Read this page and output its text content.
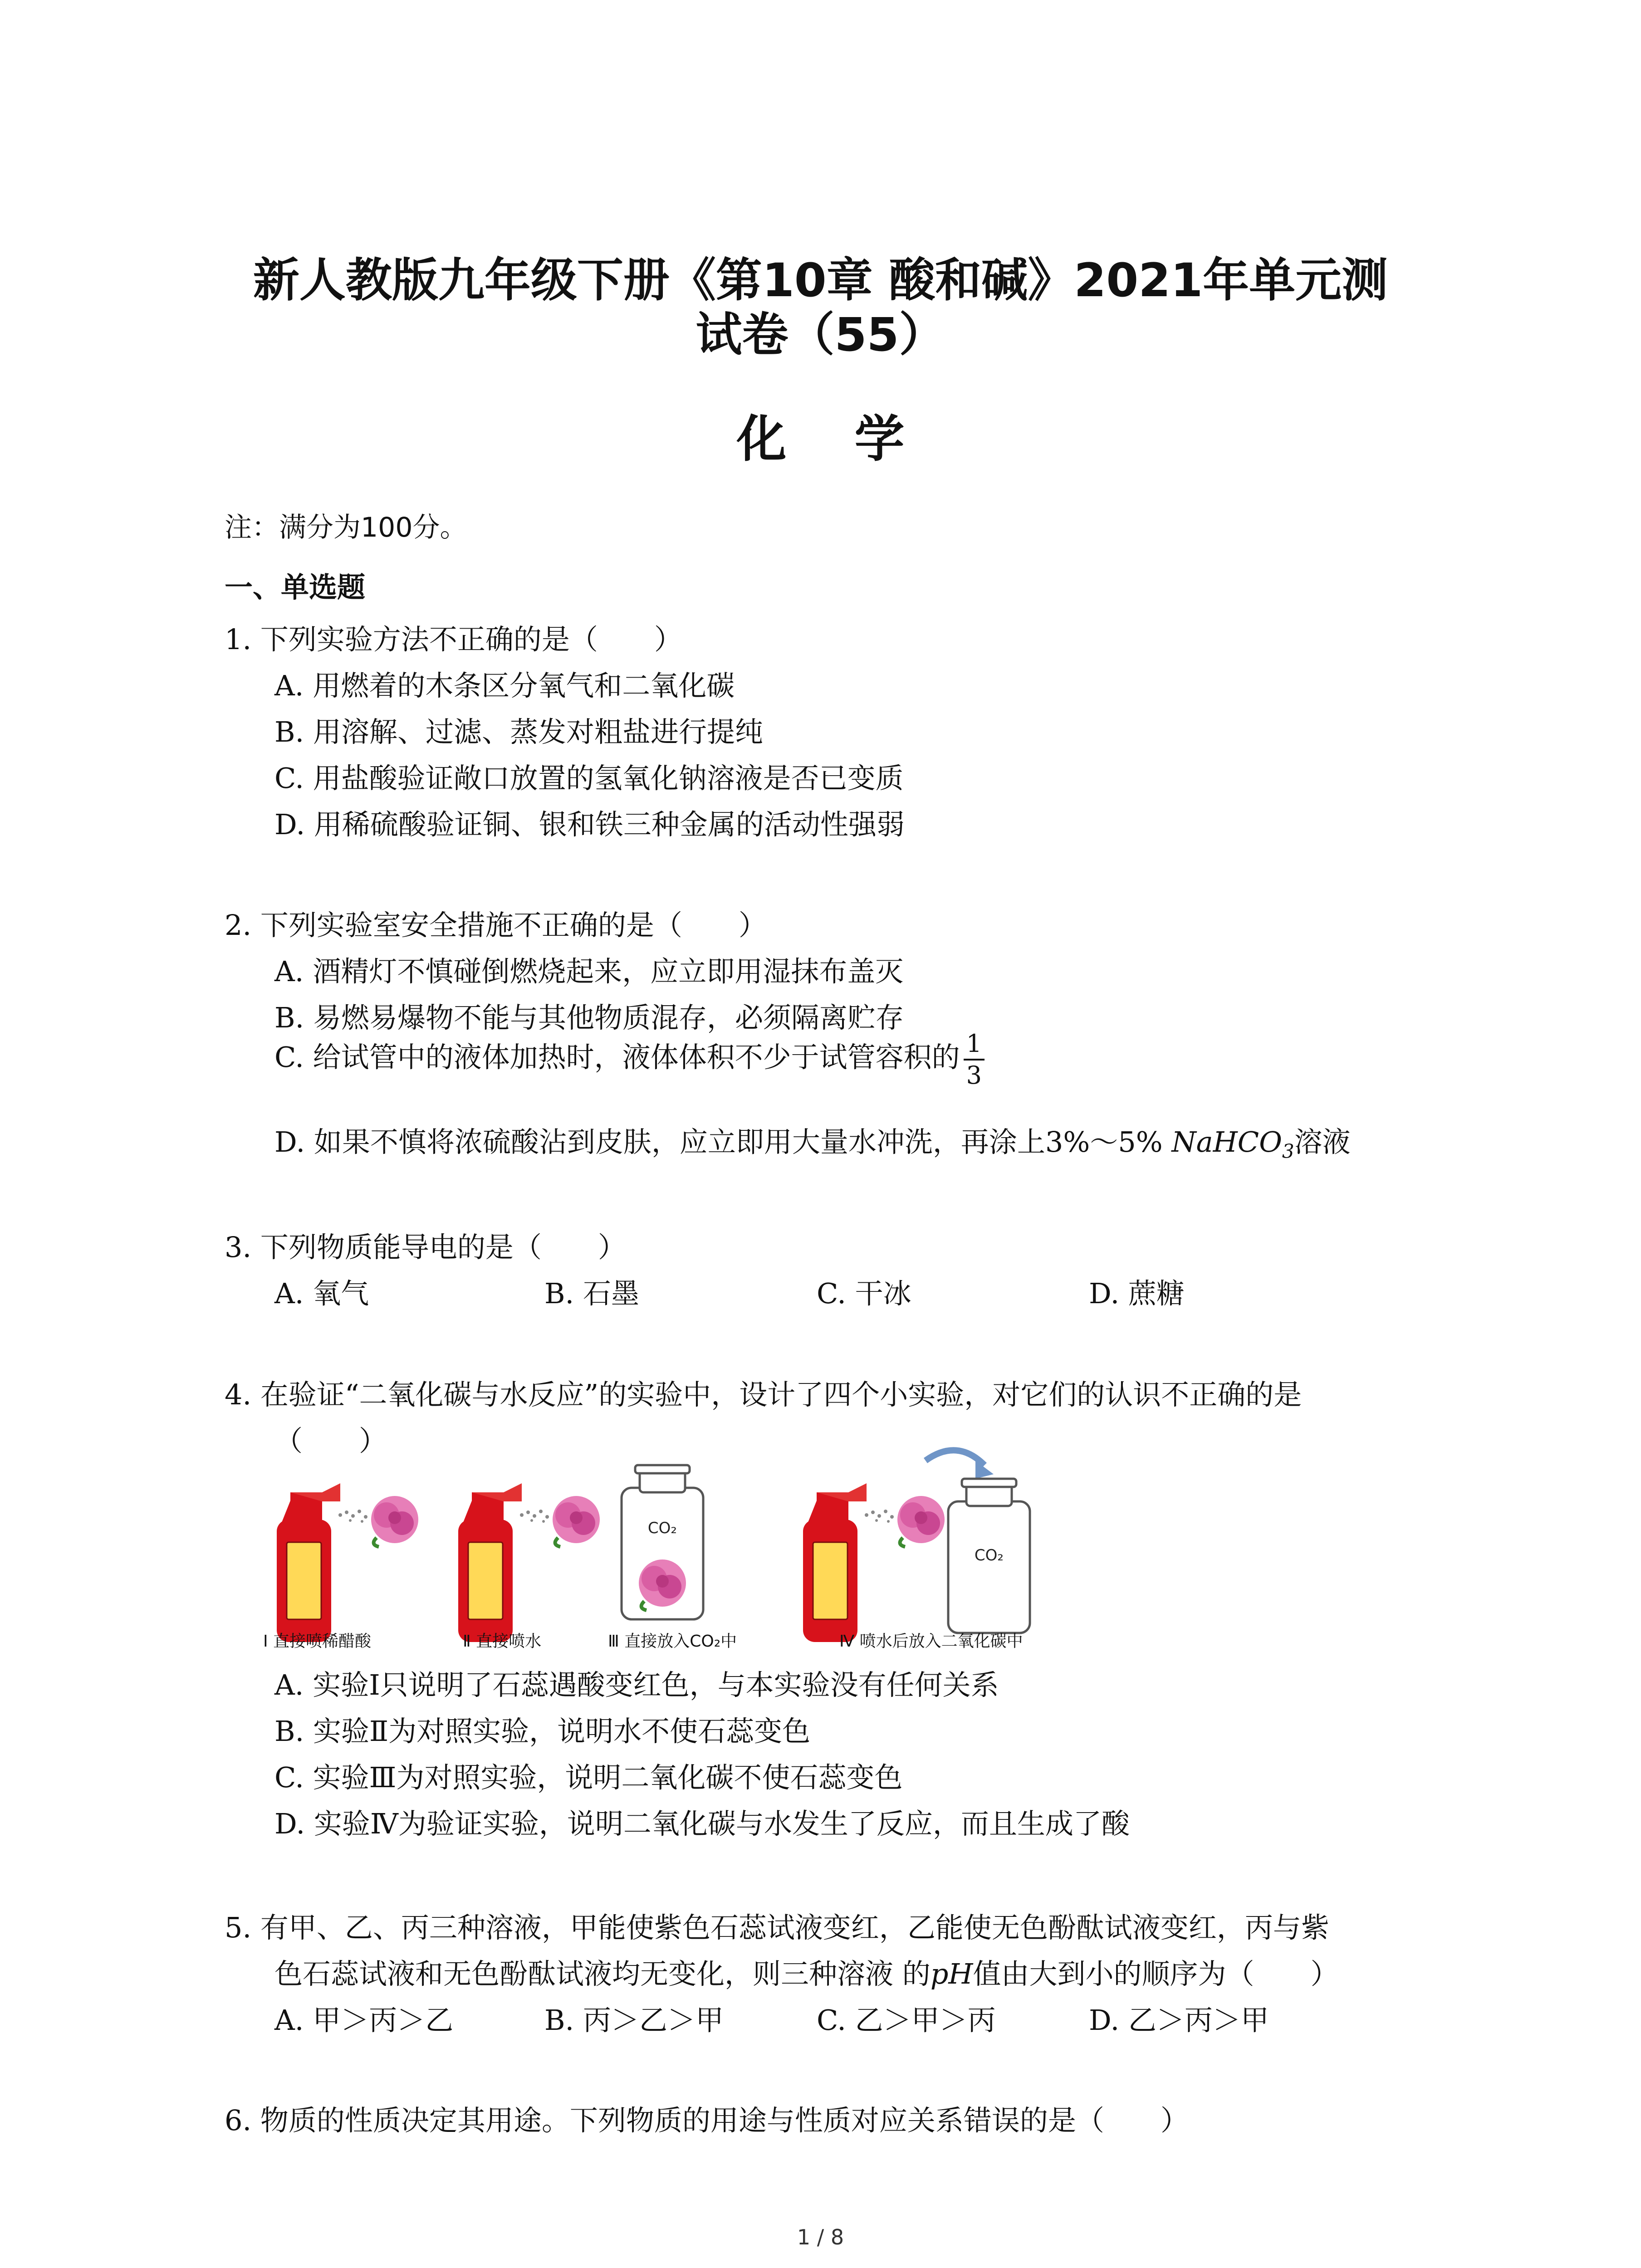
新人教版九年级下册《第10章 酸和碱》2021年单元测
试卷（55）
化学
注：满分为100分。
一、单选题
1. 下列实验方法不正确的是（　　）
A. 用燃着的木条区分氧气和二氧化碳
B. 用溶解、过滤、蒸发对粗盐进行提纯
C. 用盐酸验证敞口放置的氢氧化钠溶液是否已变质
D. 用稀硫酸验证铜、银和铁三种金属的活动性强弱
2. 下列实验室安全措施不正确的是（　　）
A. 酒精灯不慎碰倒燃烧起来，应立即用湿抹布盖灭
B. 易燃易爆物不能与其他物质混存，必须隔离贮存
C. 给试管中的液体加热时，液体体积不少于试管容积的 $\frac{1}{3}$
D. 如果不慎将浓硫酸沾到皮肤，应立即用大量水冲洗，再涂上3%～5% NaHCO$_3$溶液
3. 下列物质能导电的是（　　）
A. 氧气	B. 石墨	C. 干冰	D. 蔗糖
4. 在验证“二氧化碳与水反应”的实验中，设计了四个小实验，对它们的认识不正确的是
（　　）
CO₂
CO₂
Ⅰ 直接喷稀醋酸	Ⅱ 直接喷水	Ⅲ 直接放入CO₂中	Ⅳ 喷水后放入二氧化碳中
A. 实验Ⅰ只说明了石蕊遇酸变红色，与本实验没有任何关系
B. 实验Ⅱ为对照实验，说明水不使石蕊变色
C. 实验Ⅲ为对照实验，说明二氧化碳不使石蕊变色
D. 实验Ⅳ为验证实验，说明二氧化碳与水发生了反应，而且生成了酸
5. 有甲、乙、丙三种溶液，甲能使紫色石蕊试液变红，乙能使无色酚酞试液变红，丙与紫
色石蕊试液和无色酚酞试液均无变化，则三种溶液 的pH值由大到小的顺序为（　　）
A. 甲＞丙＞乙	B. 丙＞乙＞甲	C. 乙＞甲＞丙	D. 乙＞丙＞甲
6. 物质的性质决定其用途。下列物质的用途与性质对应关系错误的是（　　）
1 / 8
